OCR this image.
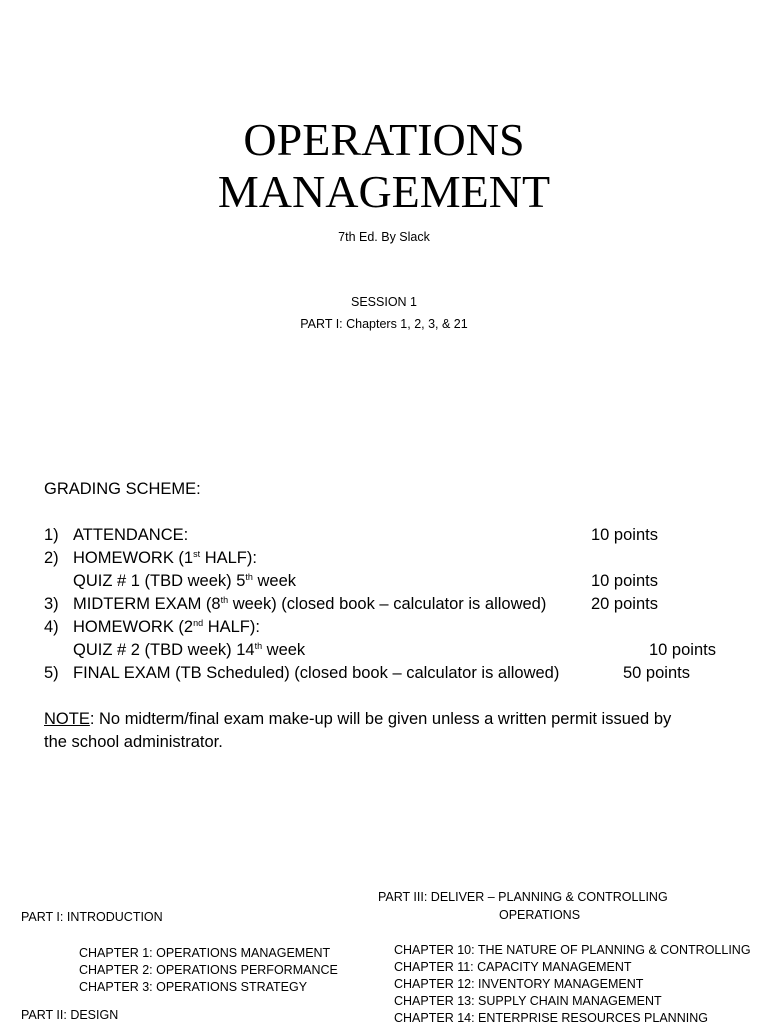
OPERATIONS
MANAGEMENT
7th Ed. By Slack
SESSION 1
PART I: Chapters 1, 2, 3, & 21
GRADING SCHEME:
1) ATTENDANCE:	10 points
2) HOMEWORK (1st HALF):
QUIZ # 1 (TBD week) 5th week	10 points
3) MIDTERM EXAM (8th week) (closed book – calculator is allowed)	20 points
4) HOMEWORK (2nd HALF):
QUIZ # 2 (TBD week) 14th week	10 points
5) FINAL EXAM (TB Scheduled) (closed book – calculator is allowed)	50 points
NOTE: No midterm/final exam make-up will be given unless a written permit issued by
the school administrator.
PART I: INTRODUCTION
CHAPTER 1: OPERATIONS MANAGEMENT
CHAPTER 2: OPERATIONS PERFORMANCE
CHAPTER 3: OPERATIONS STRATEGY
PART II: DESIGN
PART III: DELIVER – PLANNING & CONTROLLING
OPERATIONS
CHAPTER 10: THE NATURE OF PLANNING & CONTROLLING
CHAPTER 11: CAPACITY MANAGEMENT
CHAPTER 12: INVENTORY MANAGEMENT
CHAPTER 13: SUPPLY CHAIN MANAGEMENT
CHAPTER 14: ENTERPRISE RESOURCES PLANNING
